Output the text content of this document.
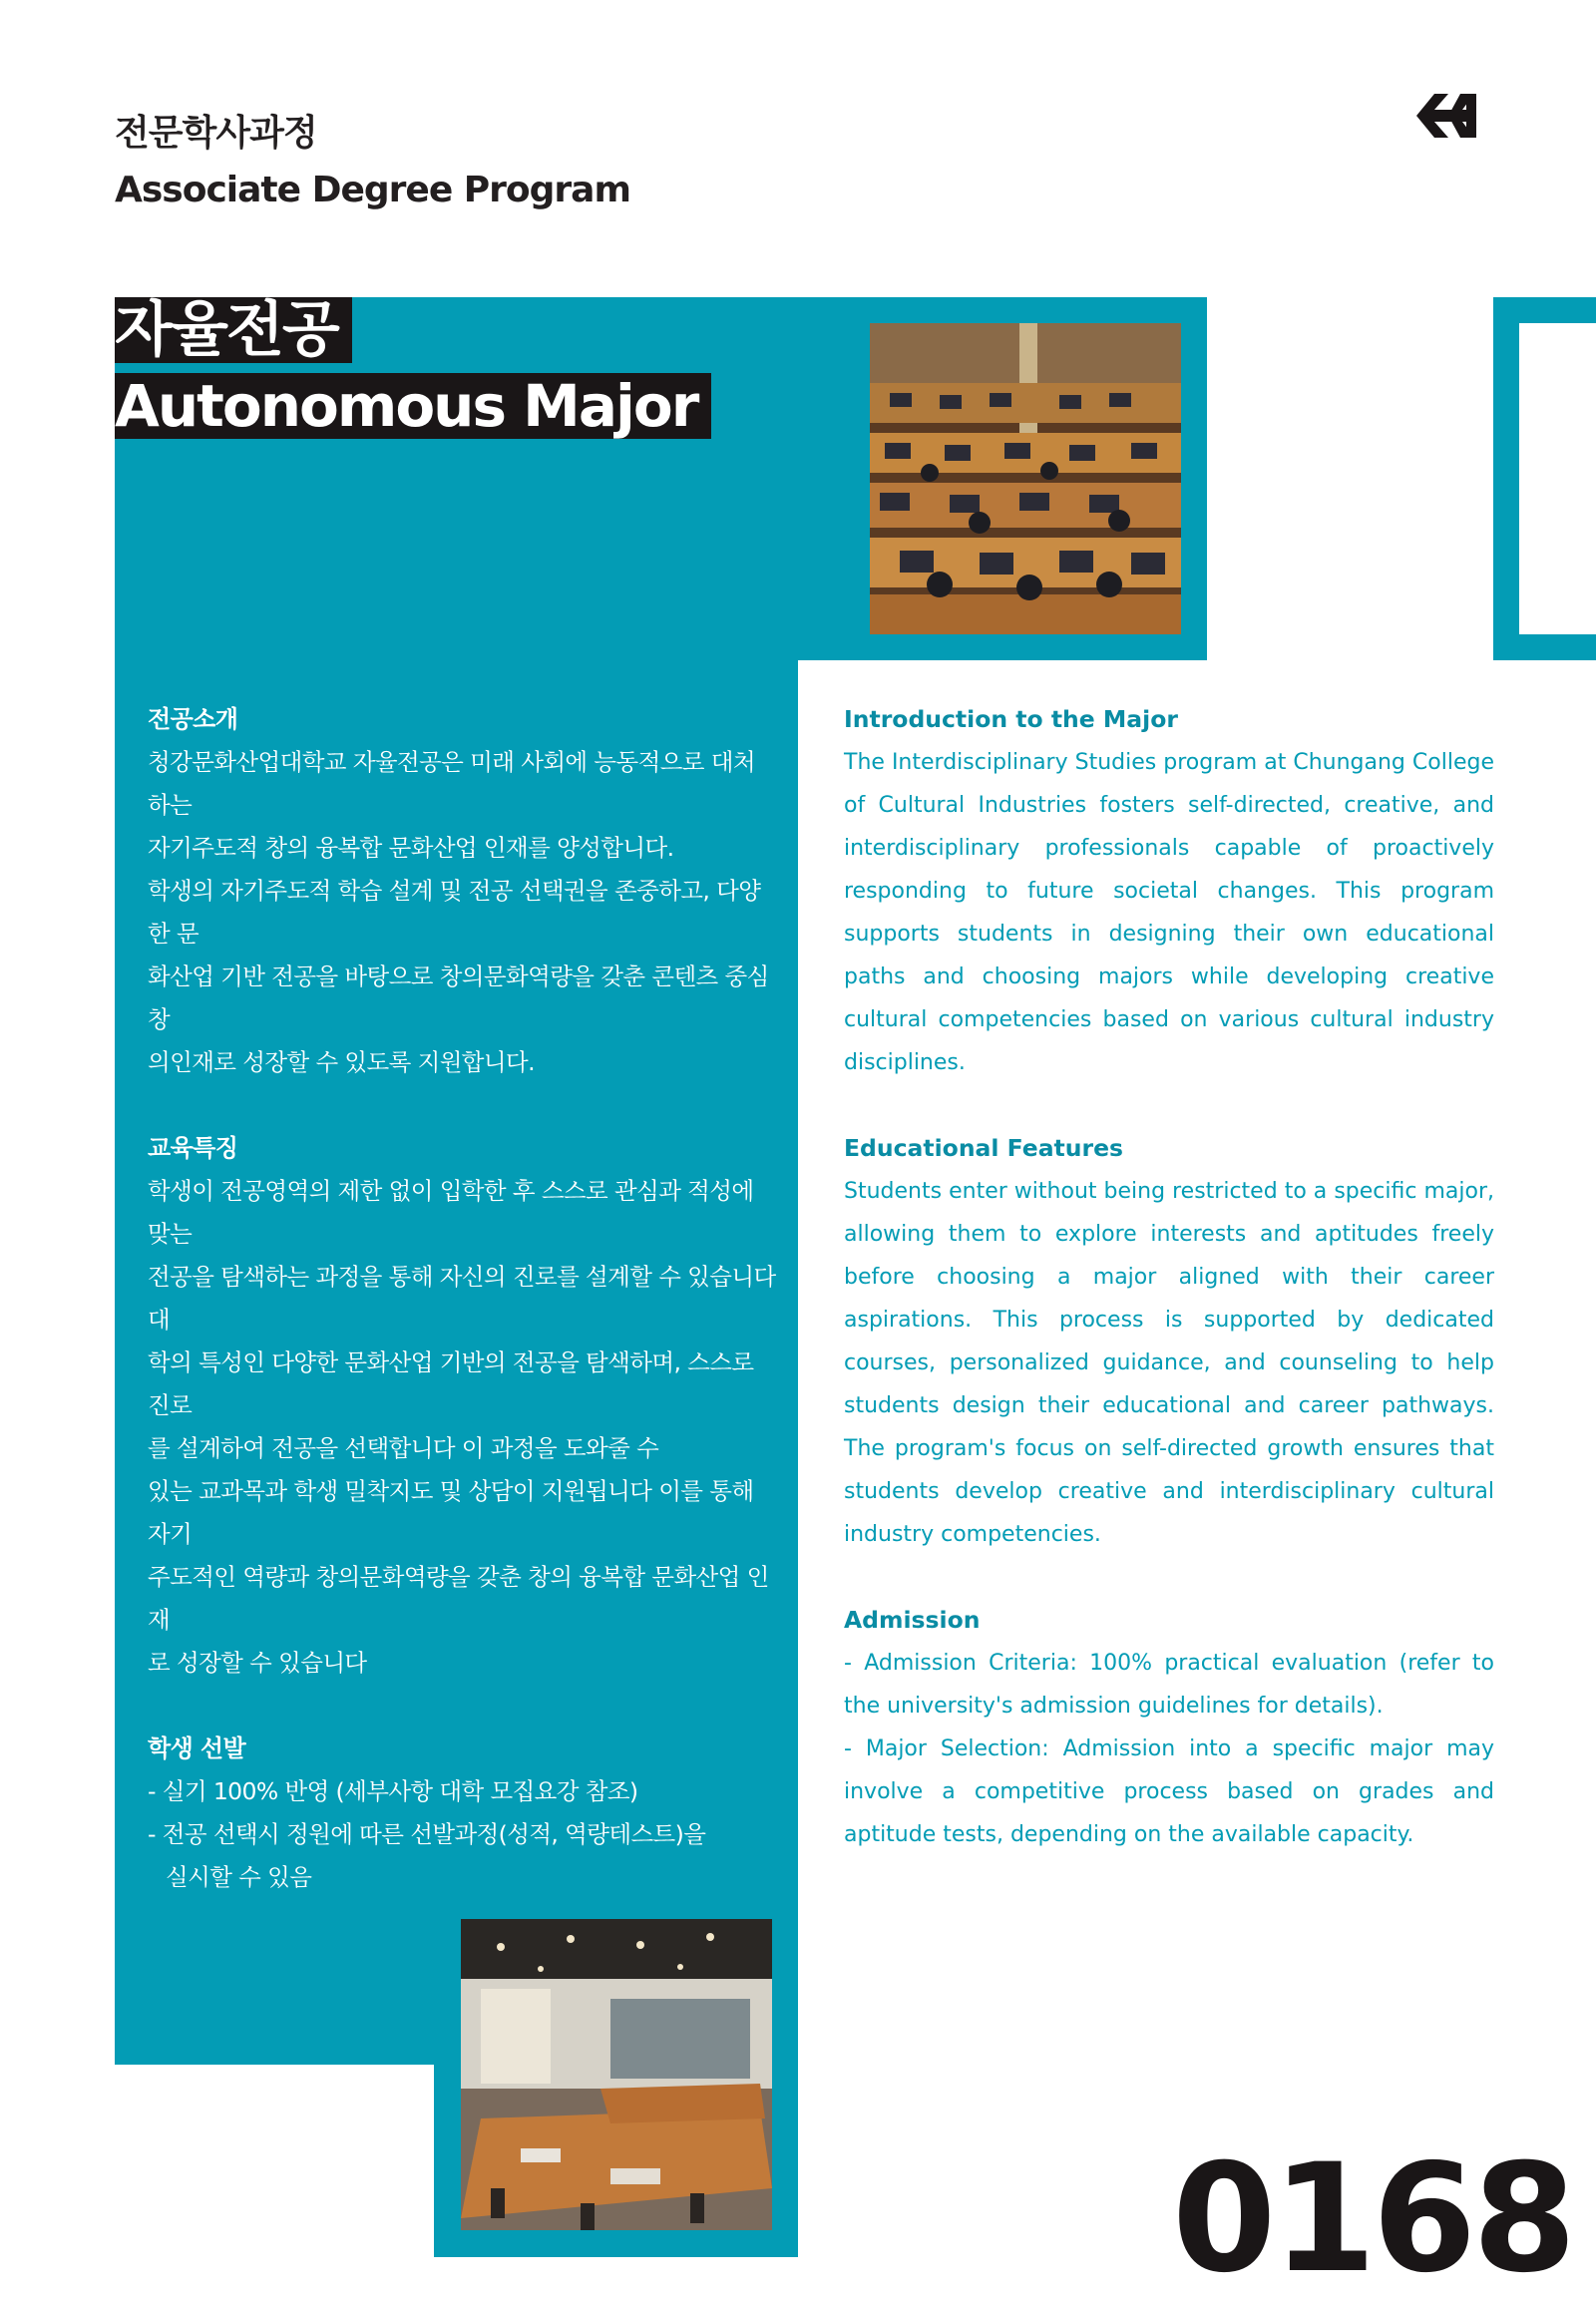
전문학사과정
Associate Degree Program
자율전공
Autonomous Major
전공소개

청강문화산업대학교 자율전공은 미래 사회에 능동적으로 대처하는

자기주도적 창의 융복합 문화산업 인재를 양성합니다.

학생의 자기주도적 학습 설계 및 전공 선택권을 존중하고, 다양한 문

화산업 기반 전공을 바탕으로 창의문화역량을 갖춘 콘텐츠 중심 창

의인재로 성장할 수 있도록 지원합니다.

교육특징

학생이 전공영역의 제한 없이 입학한 후 스스로 관심과 적성에 맞는

전공을 탐색하는 과정을 통해 자신의 진로를 설계할 수 있습니다 대

학의 특성인 다양한 문화산업 기반의 전공을 탐색하며, 스스로 진로

를 설계하여 전공을 선택합니다 이 과정을 도와줄 수

있는 교과목과 학생 밀착지도 및 상담이 지원됩니다 이를 통해 자기

주도적인 역량과 창의문화역량을 갖춘 창의 융복합 문화산업 인재

로 성장할 수 있습니다

학생 선발

- 실기 100% 반영 (세부사항 대학 모집요강 참조)

- 전공 선택시 정원에 따른 선발과정(성적, 역량테스트)을

실시할 수 있음

Introduction to the Major

The Interdisciplinary Studies program at Chungang College of Cultural Industries fosters self-directed, creative, and interdisciplinary professionals capable of proactively responding to future societal changes. This program supports students in designing their own educational paths and choosing majors while developing creative cultural competencies based on various cultural industry disciplines.

Educational Features

Students enter without being restricted to a specific major, allowing them to explore interests and aptitudes freely before choosing a major aligned with their career aspirations. This process is supported by dedicated courses, personalized guidance, and counseling to help students design their educational and career pathways. The program's focus on self-directed growth ensures that students develop creative and interdisciplinary cultural industry competencies.

Admission

- Admission Criteria: 100% practical evaluation (refer to the university's admission guidelines for details).

- Major Selection: Admission into a specific major may involve a competitive process based on grades and aptitude tests, depending on the available capacity.

0168
